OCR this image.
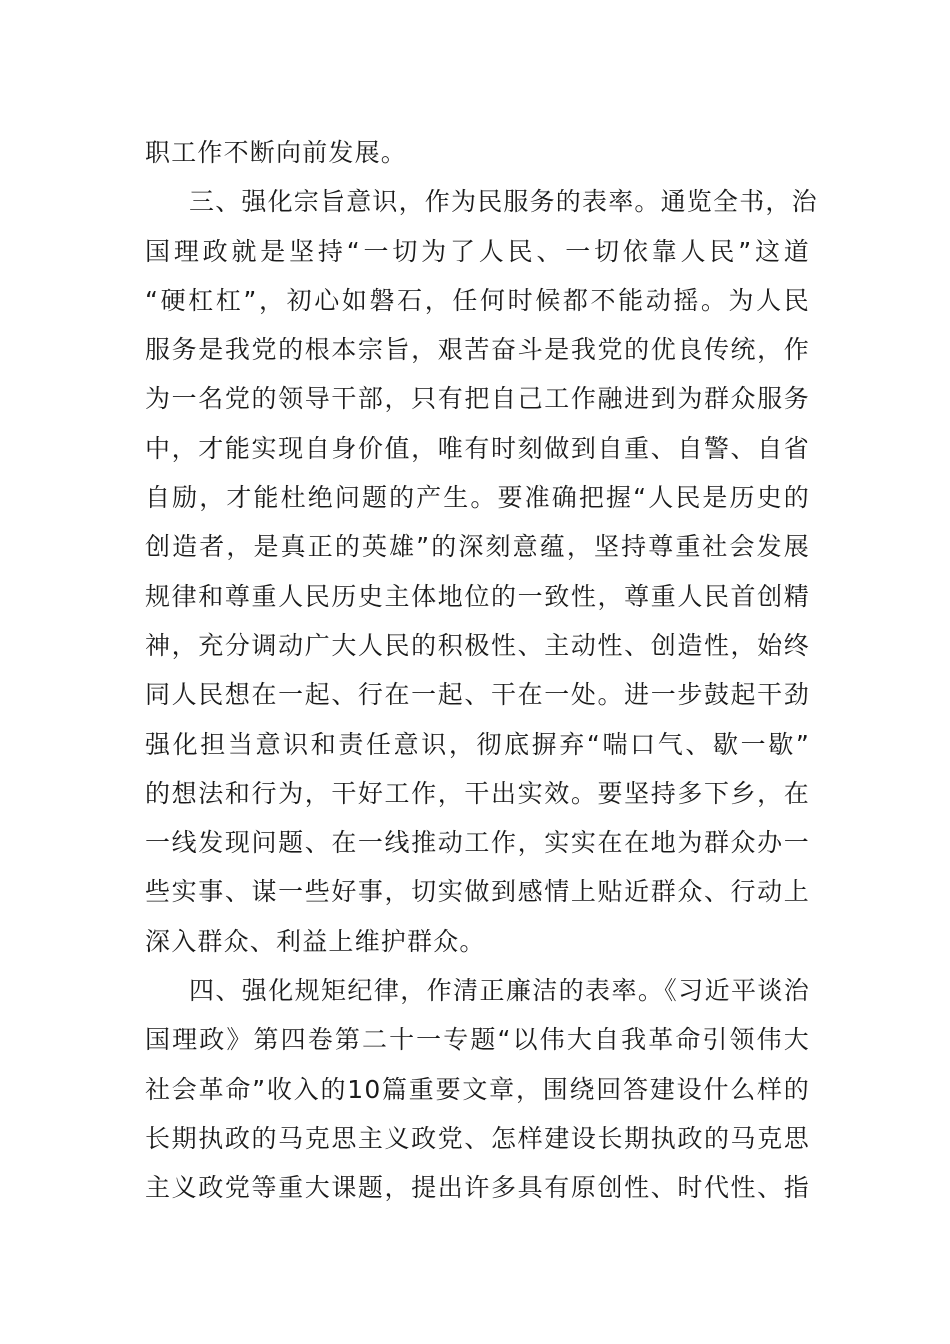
职工作不断向前发展。

三、强化宗旨意识，作为民服务的表率。通览全书，治
国理政就是坚持“一切为了人民、一切依靠人民”这道
“硬杠杠”，初心如磐石，任何时候都不能动摇。为人民
服务是我党的根本宗旨，艰苦奋斗是我党的优良传统，作
为一名党的领导干部，只有把自己工作融进到为群众服务
中，才能实现自身价值，唯有时刻做到自重、自警、自省
自励，才能杜绝问题的产生。要准确把握“人民是历史的
创造者，是真正的英雄”的深刻意蕴，坚持尊重社会发展
规律和尊重人民历史主体地位的一致性，尊重人民首创精
神，充分调动广大人民的积极性、主动性、创造性，始终
同人民想在一起、行在一起、干在一处。进一步鼓起干劲
强化担当意识和责任意识，彻底摒弃“喘口气、歇一歇”
的想法和行为，干好工作，干出实效。要坚持多下乡，在
一线发现问题、在一线推动工作，实实在在地为群众办一
些实事、谋一些好事，切实做到感情上贴近群众、行动上
深入群众、利益上维护群众。

四、强化规矩纪律，作清正廉洁的表率。《习近平谈治
国理政》第四卷第二十一专题“以伟大自我革命引领伟大
社会革命”收入的10篇重要文章，围绕回答建设什么样的
长期执政的马克思主义政党、怎样建设长期执政的马克思
主义政党等重大课题，提出许多具有原创性、时代性、指
